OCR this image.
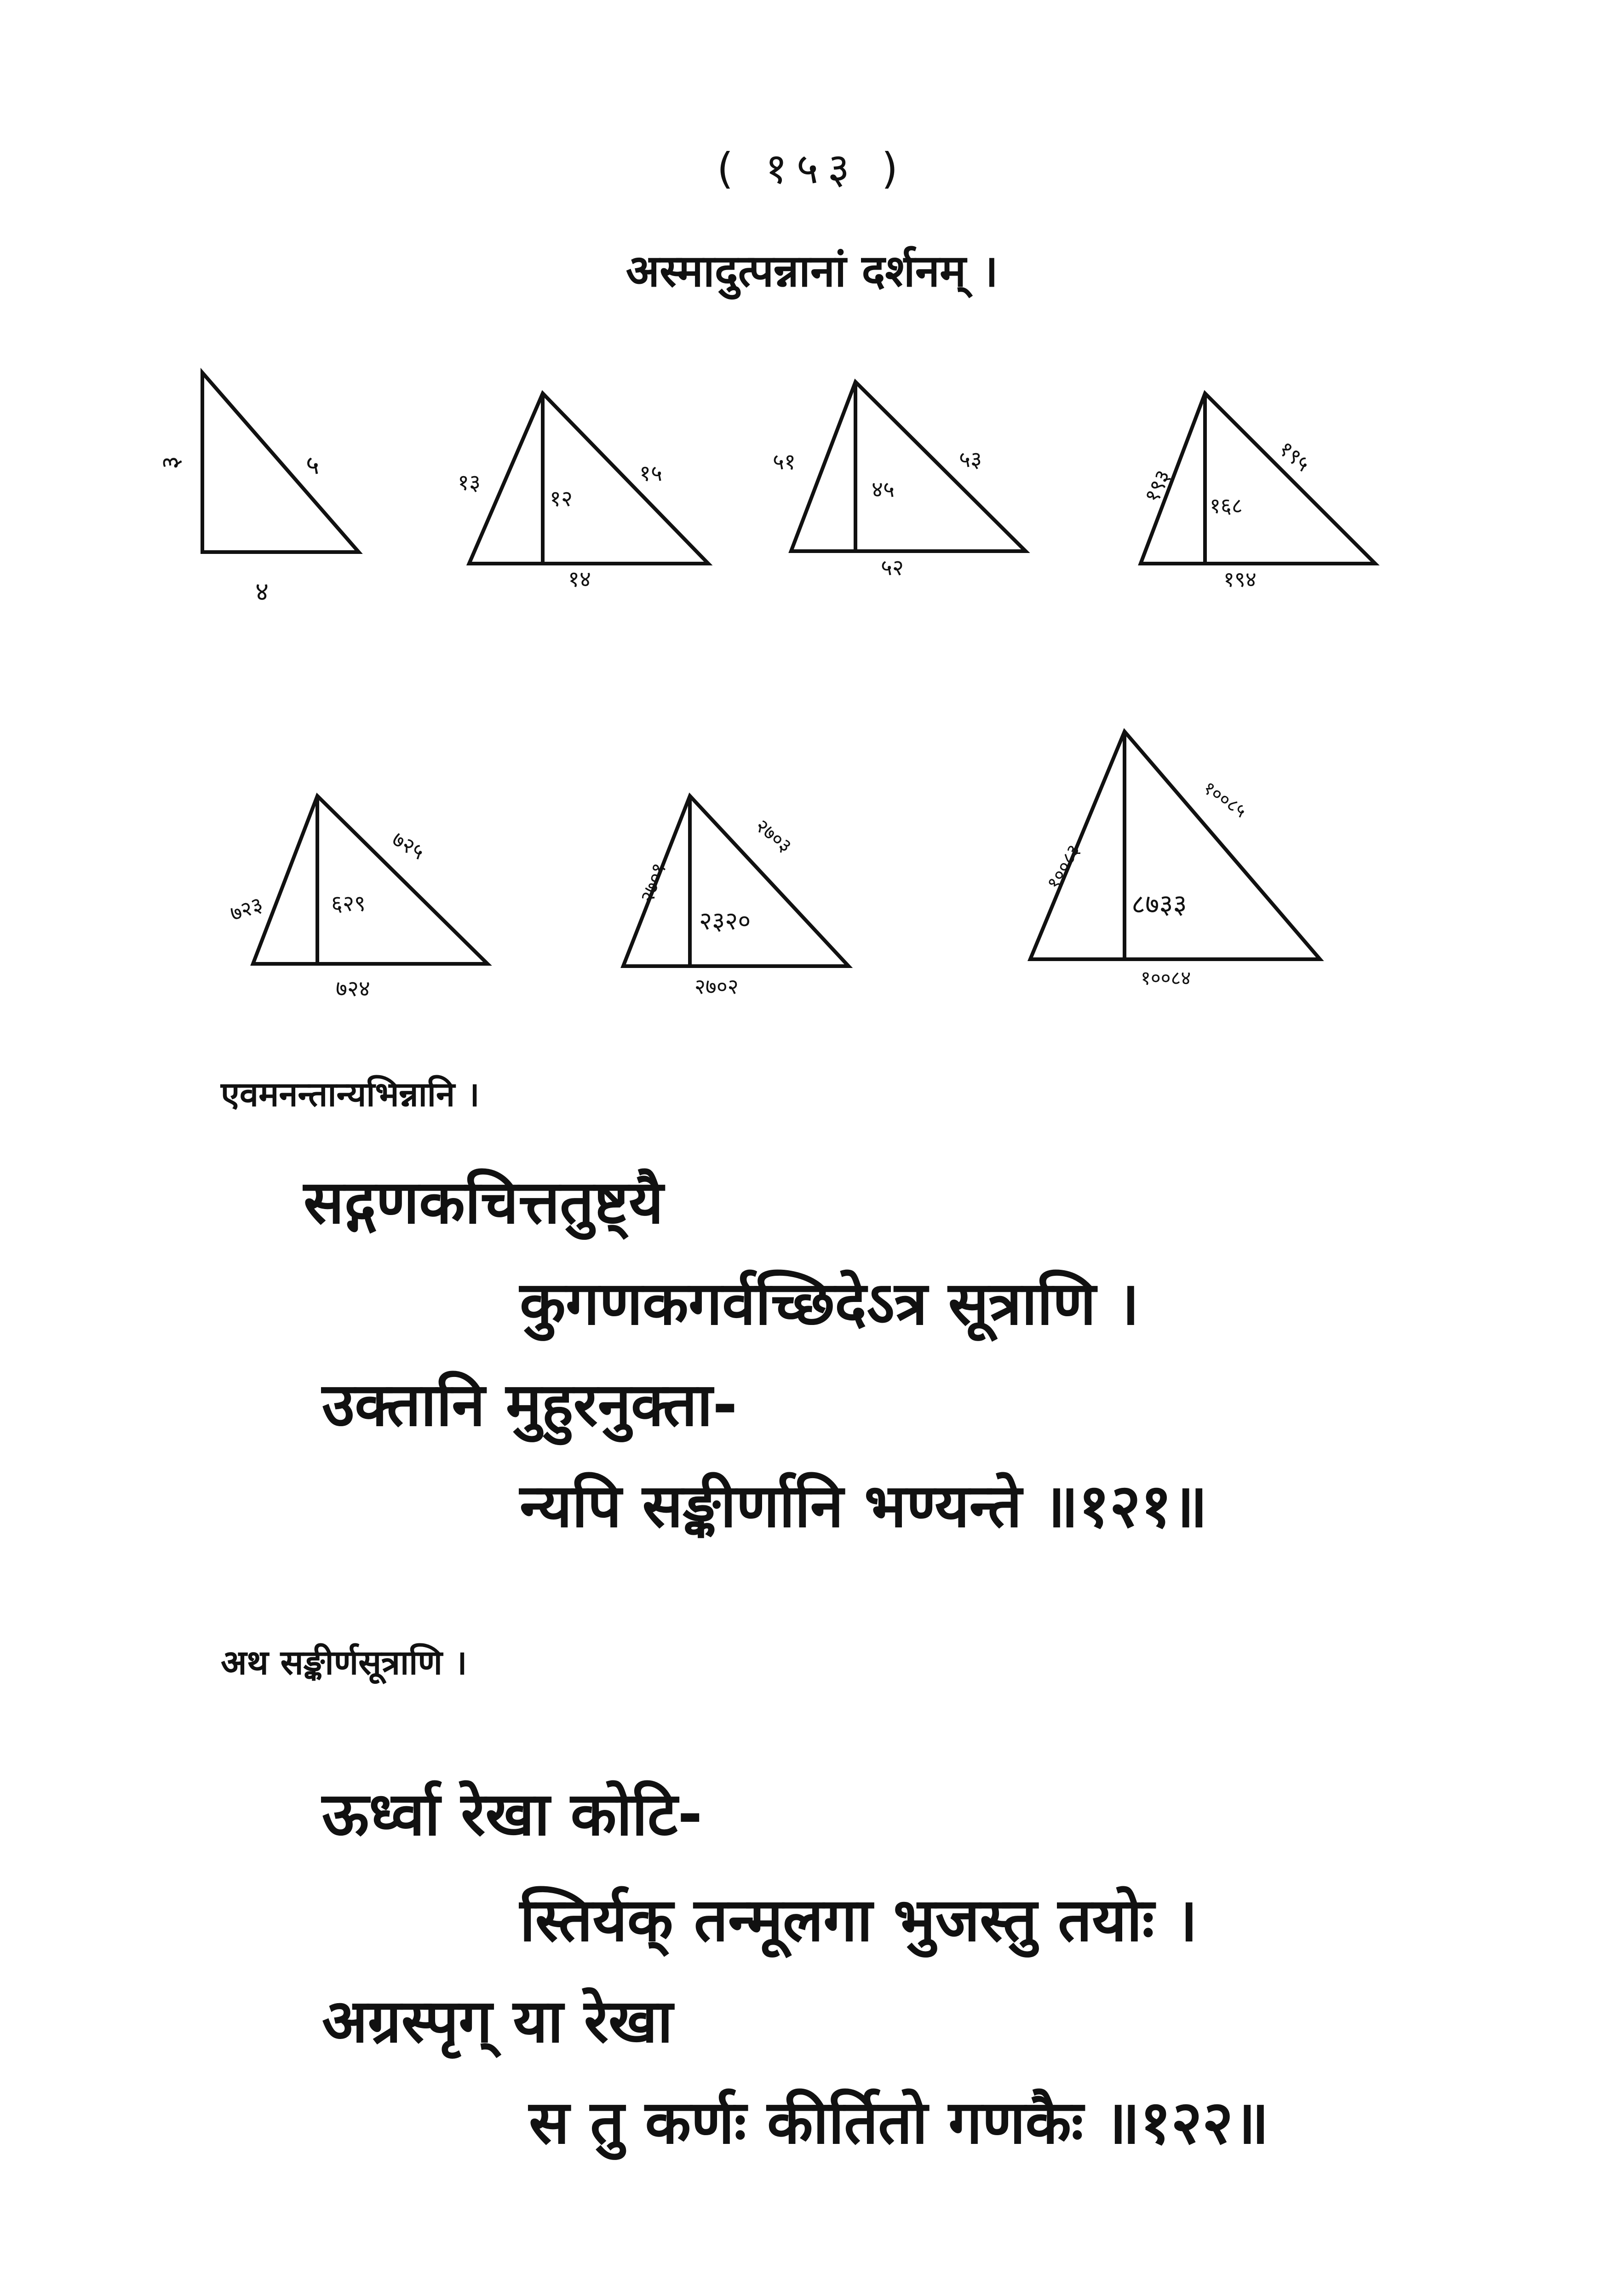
( १५३ )
अस्मादुत्पन्नानां दर्शनम् ।
३	५
४
१३
१२
१५
१४
५१
४५
५३
५२
१९३ १६८
१९५
१९४
७२३	६२९
७२५
७२४
२७०१
२३२०
२७०३
२७०२
१००८३
८७३३
१००८५
१००८४
एवमनन्तान्यभिन्नानि ।
सद्गणकचित्ततुष्ट्यै
कुगणकगर्वच्छिदेऽत्र सूत्राणि ।
उक्तानि मुहुरनुक्ता-
न्यपि सङ्कीर्णानि भण्यन्ते ॥१२१॥
अथ सङ्कीर्णसूत्राणि ।
ऊर्ध्वा रेखा कोटि-
स्तिर्यक् तन्मूलगा भुजस्तु तयोः ।
अग्रस्पृग् या रेखा
स तु कर्णः कीर्तितो गणकैः ॥१२२॥
